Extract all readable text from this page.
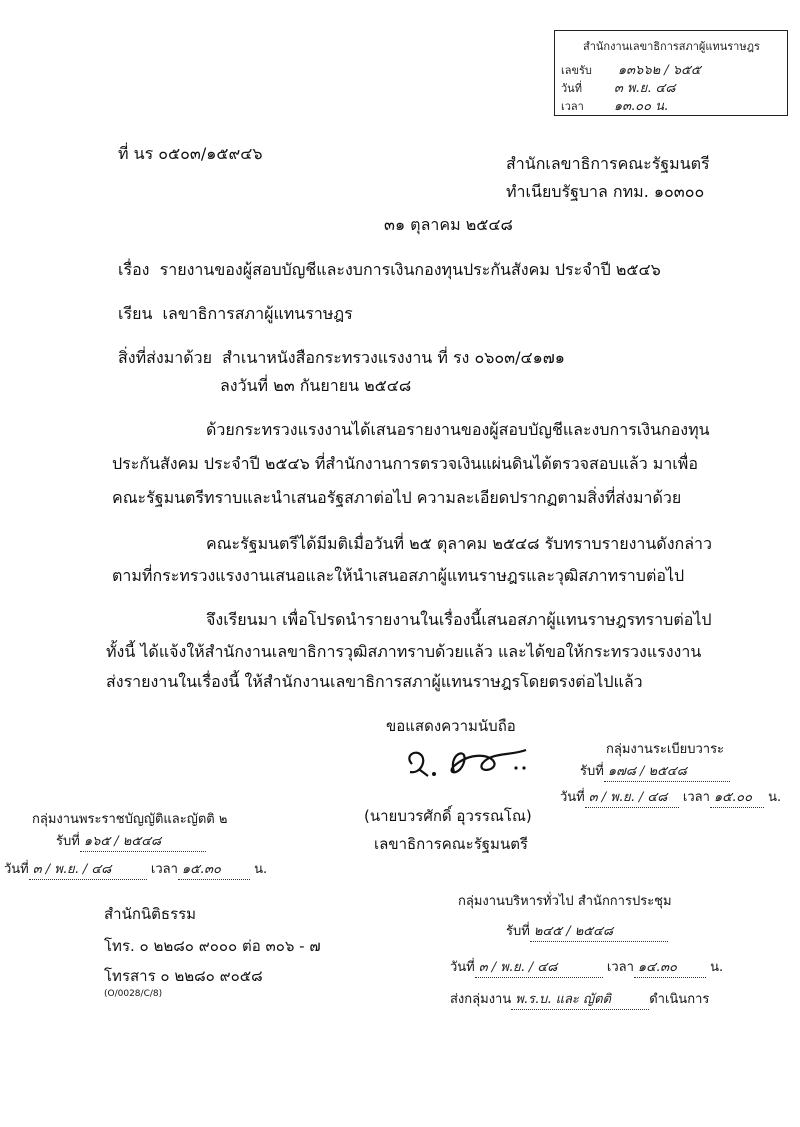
สำนักงานเลขาธิการสภาผู้แทนราษฎร
เลขรับ ๑๓๖๖๒ / ๖๕๕
วันที่ ๓ พ.ย. ๔๘
เวลา ๑๓.๐๐ น.
ที่ นร ๐๕๐๓/๑๕๙๔๖
สำนักเลขาธิการคณะรัฐมนตรี
ทำเนียบรัฐบาล กทม. ๑๐๓๐๐
๓๑ ตุลาคม ๒๕๔๘
เรื่อง รายงานของผู้สอบบัญชีและงบการเงินกองทุนประกันสังคม ประจำปี ๒๕๔๖
เรียน เลขาธิการสภาผู้แทนราษฎร
สิ่งที่ส่งมาด้วย สำเนาหนังสือกระทรวงแรงงาน ที่ รง ๐๖๐๓/๔๑๗๑
ลงวันที่ ๒๓ กันยายน ๒๕๔๘
ด้วยกระทรวงแรงงานได้เสนอรายงานของผู้สอบบัญชีและงบการเงินกองทุน
ประกันสังคม ประจำปี ๒๕๔๖ ที่สำนักงานการตรวจเงินแผ่นดินได้ตรวจสอบแล้ว มาเพื่อ
คณะรัฐมนตรีทราบและนำเสนอรัฐสภาต่อไป ความละเอียดปรากฏตามสิ่งที่ส่งมาด้วย
คณะรัฐมนตรีได้มีมติเมื่อวันที่ ๒๕ ตุลาคม ๒๕๔๘ รับทราบรายงานดังกล่าว
ตามที่กระทรวงแรงงานเสนอและให้นำเสนอสภาผู้แทนราษฎรและวุฒิสภาทราบต่อไป
จึงเรียนมา เพื่อโปรดนำรายงานในเรื่องนี้เสนอสภาผู้แทนราษฎรทราบต่อไป
ทั้งนี้ ได้แจ้งให้สำนักงานเลขาธิการวุฒิสภาทราบด้วยแล้ว และได้ขอให้กระทรวงแรงงาน
ส่งรายงานในเรื่องนี้ ให้สำนักงานเลขาธิการสภาผู้แทนราษฎรโดยตรงต่อไปแล้ว
ขอแสดงความนับถือ
(นายบวรศักดิ์ อุวรรณโณ)
เลขาธิการคณะรัฐมนตรี
กลุ่มงานระเบียบวาระ
รับที่ ๑๗๘ / ๒๕๔๘
วันที่ ๓ / พ.ย. / ๔๘ เวลา ๑๕.๐๐ น.
กลุ่มงานพระราชบัญญัติและญัตติ ๒
รับที่ ๑๖๕ / ๒๕๔๘
วันที่ ๓ / พ.ย. / ๔๘	เวลา ๑๕.๓๐	น.
กลุ่มงานบริหารทั่วไป สำนักการประชุม
รับที่ ๒๔๕ / ๒๕๔๘
วันที่ ๓ / พ.ย. / ๔๘	เวลา ๑๔.๓๐	น.
ส่งกลุ่มงาน พ.ร.บ. และ ญัตติ	ดำเนินการ
สำนักนิติธรรม
โทร. ๐ ๒๒๘๐ ๙๐๐๐ ต่อ ๓๐๖ - ๗
โทรสาร ๐ ๒๒๘๐ ๙๐๕๘
(O/0028/C/8)
